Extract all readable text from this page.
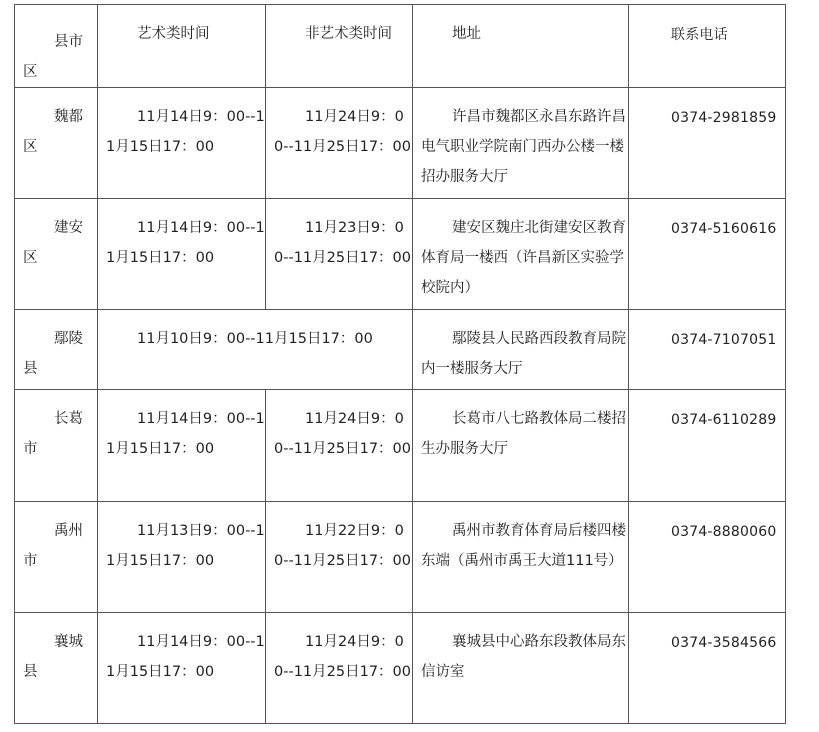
县市区	艺术类时间	非艺术类时间	地址	联系电话

魏都区	11月14日9：00--11月15日17：00	11月24日9：00--11月25日17：00	许昌市魏都区永昌东路许昌电气职业学院南门西办公楼一楼招办服务大厅	0374-2981859

建安区	11月14日9：00--11月15日17：00	11月23日9：00--11月25日17：00	建安区魏庄北街建安区教育体育局一楼西（许昌新区实验学校院内）	0374-5160616

鄢陵县	11月10日9：00--11月15日17：00		鄢陵县人民路西段教育局院内一楼服务大厅	0374-7107051

长葛市	11月14日9：00--11月15日17：00	11月24日9：00--11月25日17：00	长葛市八七路教体局二楼招生办服务大厅	0374-6110289

禹州市	11月13日9：00--11月15日17：00	11月22日9：00--11月25日17：00	禹州市教育体育局后楼四楼东端（禹州市禹王大道111号）	0374-8880060

襄城县	11月14日9：00--11月15日17：00	11月24日9：00--11月25日17：00	襄城县中心路东段教体局东信访室	0374-3584566
